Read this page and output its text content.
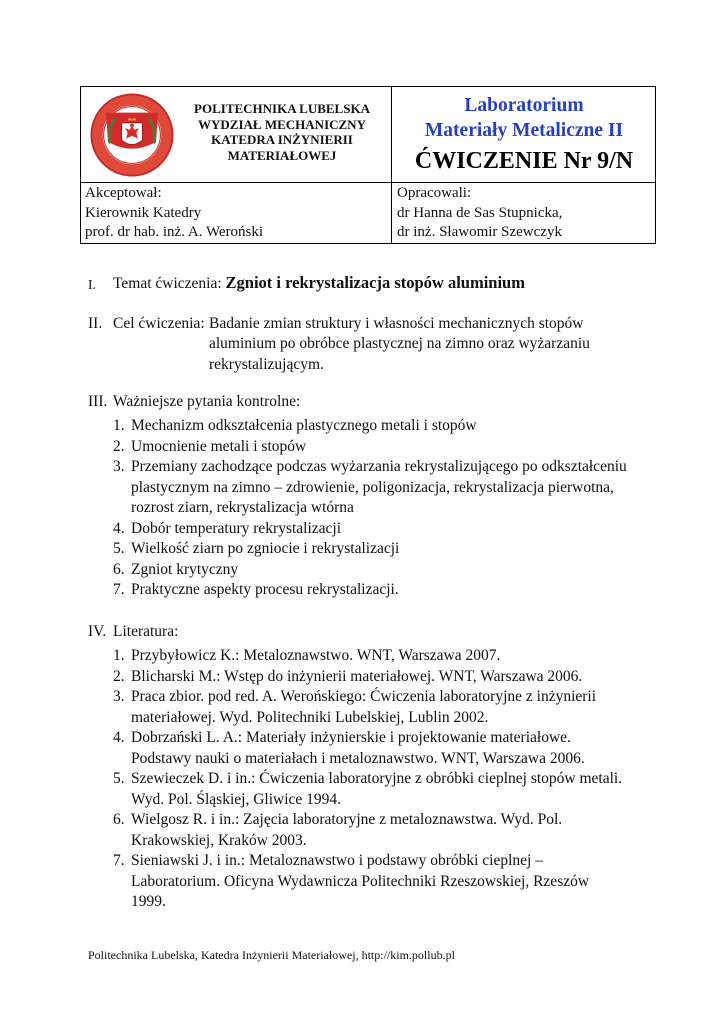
POLITECHNIKA LUBELSKA
WYDZIAŁ MECHANICZNY
KATEDRA INŻYNIERII
MATERIAŁOWEJ
Laboratorium
Materiały Metaliczne II
ĆWICZENIE Nr 9/N
Akceptował:
Kierownik Katedry
prof. dr hab. inż. A. Weroński
Opracowali:
dr Hanna de Sas Stupnicka,
dr inż. Sławomir Szewczyk
I. Temat ćwiczenia: Zgniot i rekrystalizacja stopów aluminium
II. Cel ćwiczenia: Badanie zmian struktury i własności mechanicznych stopów
aluminium po obróbce plastycznej na zimno oraz wyżarzaniu
rekrystalizującym.
III. Ważniejsze pytania kontrolne:
1. Mechanizm odkształcenia plastycznego metali i stopów
2. Umocnienie metali i stopów
3. Przemiany zachodzące podczas wyżarzania rekrystalizującego po odkształceniu
plastycznym na zimno – zdrowienie, poligonizacja, rekrystalizacja pierwotna,
rozrost ziarn, rekrystalizacja wtórna
4. Dobór temperatury rekrystalizacji
5. Wielkość ziarn po zgniocie i rekrystalizacji
6. Zgniot krytyczny
7. Praktyczne aspekty procesu rekrystalizacji.
IV. Literatura:
1. Przybyłowicz K.: Metaloznawstwo. WNT, Warszawa 2007.
2. Blicharski M.: Wstęp do inżynierii materiałowej. WNT, Warszawa 2006.
3. Praca zbior. pod red. A. Werońskiego: Ćwiczenia laboratoryjne z inżynierii
materiałowej. Wyd. Politechniki Lubelskiej, Lublin 2002.
4. Dobrzański L. A.: Materiały inżynierskie i projektowanie materiałowe.
Podstawy nauki o materiałach i metaloznawstwo. WNT, Warszawa 2006.
5. Szewieczek D. i in.: Ćwiczenia laboratoryjne z obróbki cieplnej stopów metali.
Wyd. Pol. Śląskiej, Gliwice 1994.
6. Wielgosz R. i in.: Zajęcia laboratoryjne z metaloznawstwa. Wyd. Pol.
Krakowskiej, Kraków 2003.
7. Sieniawski J. i in.: Metaloznawstwo i podstawy obróbki cieplnej –
Laboratorium. Oficyna Wydawnicza Politechniki Rzeszowskiej, Rzeszów
1999.
Politechnika Lubelska, Katedra Inżynierii Materiałowej, http://kim.pollub.pl
